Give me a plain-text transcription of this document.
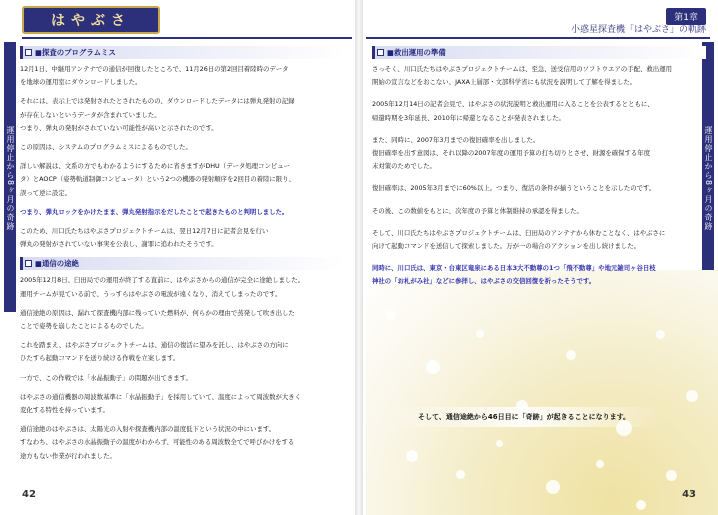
はやぶさ	第1章
小惑星探査機「はやぶさ」の軌跡
運用停止から8ヶ月の奇跡	運用停止から8ヶ月の奇跡
■探査のプログラムミス
12月1日、中継用アンテナでの通信が回復したところで、11月26日の第2回目着陸時のデータ
を地球の運用室にダウンロードしました。
それには、表示上では発射されたとされたものの、ダウンロードしたデータには弾丸発射の記録
が存在しないというデータが含まれていました。
つまり、弾丸の発射がされていない可能性が高いと示されたのです。
この原因は、システムのプログラムミスによるものでした。
詳しい解説は、文系の方でもわかるようにするために省きますがDHU（データ処理コンピュー
タ）とAOCP（姿勢軌道制御コンピュータ）という2つの機器の発射順序を2回目の着陸に限り、
誤って逆に設定。
つまり、弾丸ロックをかけたまま、弾丸発射指示をだしたことで起きたものと判明しました。
このため、川口氏たちはやぶさプロジェクトチームは、翌日12月7日に記者会見を行い
弾丸の発射がされていない事実を公表し、謝罪に追われたそうです。
■通信の途絶
2005年12月8日、臼田局での運用が終了する直前に、はやぶさからの通信が完全に途絶しました。
運用チームが見ている前で、うっすらはやぶさの電波が遠くなり、消えてしまったのです。
通信途絶の原因は、漏れて探査機内部に残っていた燃料が、何らかの理由で蒸発して吹き出した
ことで姿勢を崩したことによるものでした。
これを踏まえ、はやぶさプロジェクトチームは、通信の復活に望みを託し、はやぶさの方向に
ひたすら起動コマンドを送り続ける作戦を立案します。
一方で、この作戦では「水晶振動子」の問題が出てきます。
はやぶさの通信機器の周波数基準に「水晶振動子」を採用していて、温度によって周波数が大きく
変化する特性を持っています。
通信途絶のはやぶさは、太陽光の入射や探査機内部の温度低下という状況の中にいます。
すなわち、はやぶさの水晶振動子の温度がわからず、可能性のある周波数全てで呼びかけをする
途方もない作業が行われました。
■救出運用の準備
さっそく、川口氏たちはやぶさプロジェクトチームは、至急、送受信用のソフトウエアの手配、救出運用
開始の宣言などをおこない、JAXA上層部・文部科学省にも状況を説明して了解を得ました。
2005年12月14日の記者会見で、はやぶさの状況説明と救出運用に入ることを公表するとともに、
帰還時期を3年延長、2010年に帰還となることが発表されました。
また、同時に、2007年3月までの復旧確率を出しました。
復旧確率を出す意図は、それ以降の2007年度の運用予算の打ち切りとさせ、財源を確保する年度
末対策のためでした。
復旧確率は、2005年3月までに60%以上。つまり、復活の条件が揃うということを示したのです。
その後、この数値をもとに、次年度の予算と体制維持の承認を得ました。
そして、川口氏たちはやぶさプロジェクトチームは、臼田局のアンテナから休むことなく、はやぶさに
向けて起動コマンドを送信して探索しました。万が一の場合のアクションを出し続けました。
同時に、川口氏は、東京・台東区竜泉にある日本3大不動尊の1つ「飛不動尊」や地元雑司ヶ谷日枝
神社の「お札がみ社」などに参拝し、はやぶさの交信回復を祈ったそうです。
そして、通信途絶から46日目に「奇跡」が起きることになります。
42	43
